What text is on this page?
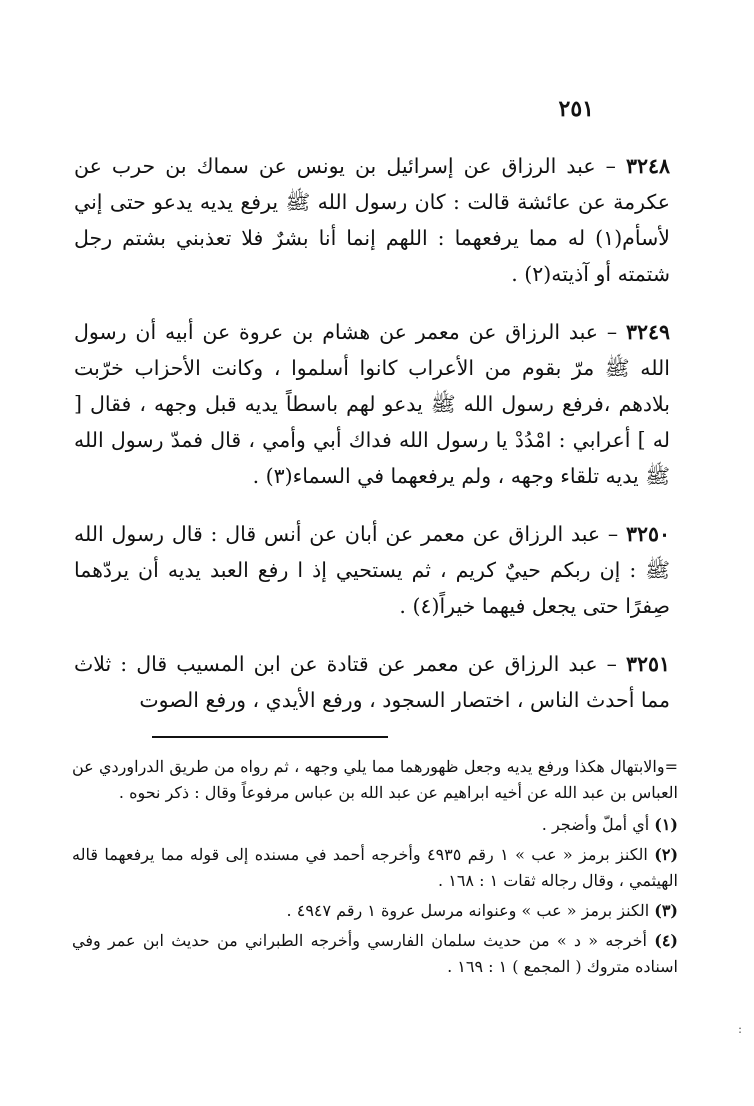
٢٥١

٣٢٤٨ – عبد الرزاق عن إسرائيل بن يونس عن سماك بن حرب عن عكرمة عن عائشة قالت : كان رسول الله ﷺ يرفع يديه يدعو حتى إني لأسأم(١) له مما يرفعهما : اللهم إنما أنا بشرٌ فلا تعذبني بشتم رجل شتمته أو آذيته(٢) .

٣٢٤٩ – عبد الرزاق عن معمر عن هشام بن عروة عن أبيه أن رسول الله ﷺ مرّ بقوم من الأعراب كانوا أسلموا ، وكانت الأحزاب خرّبت بلادهم ،فرفع رسول الله ﷺ يدعو لهم باسطاً يديه قبل وجهه ، فقال [ له ] أعرابي : امْدُدْ يا رسول الله فداك أبي وأمي ، قال فمدّ رسول الله ﷺ يديه تلقاء وجهه ، ولم يرفعهما في السماء(٣) .

٣٢٥٠ – عبد الرزاق عن معمر عن أبان عن أنس قال : قال رسول الله ﷺ : إن ربكم حييٌ كريم ، ثم يستحيي إذ ا رفع العبد يديه أن يردّهما صِفرًا حتى يجعل فيهما خيراً(٤) .

٣٢٥١ – عبد الرزاق عن معمر عن قتادة عن ابن المسيب قال : ثلاث مما أحدث الناس ، اختصار السجود ، ورفع الأيدي ، ورفع الصوت

=والابتهال هكذا ورفع يديه وجعل ظهورهما مما يلي وجهه ، ثم رواه من طريق الدراوردي عن العباس بن عبد الله عن أخيه ابراهيم عن عبد الله بن عباس مرفوعاً وقال : ذكر نحوه .

(١) أي أملّ وأضجر .

(٢) الكنز برمز « عب » ١ رقم ٤٩٣٥ وأخرجه أحمد في مسنده إلى قوله مما يرفعهما قاله الهيثمي ، وقال رجاله ثقات ١ : ١٦٨ .

(٣) الكنز برمز « عب » وعنوانه مرسل عروة ١ رقم ٤٩٤٧ .

(٤) أخرجه « د » من حديث سلمان الفارسي وأخرجه الطبراني من حديث ابن عمر وفي اسناده متروك ( المجمع ) ١ : ١٦٩ .

:
